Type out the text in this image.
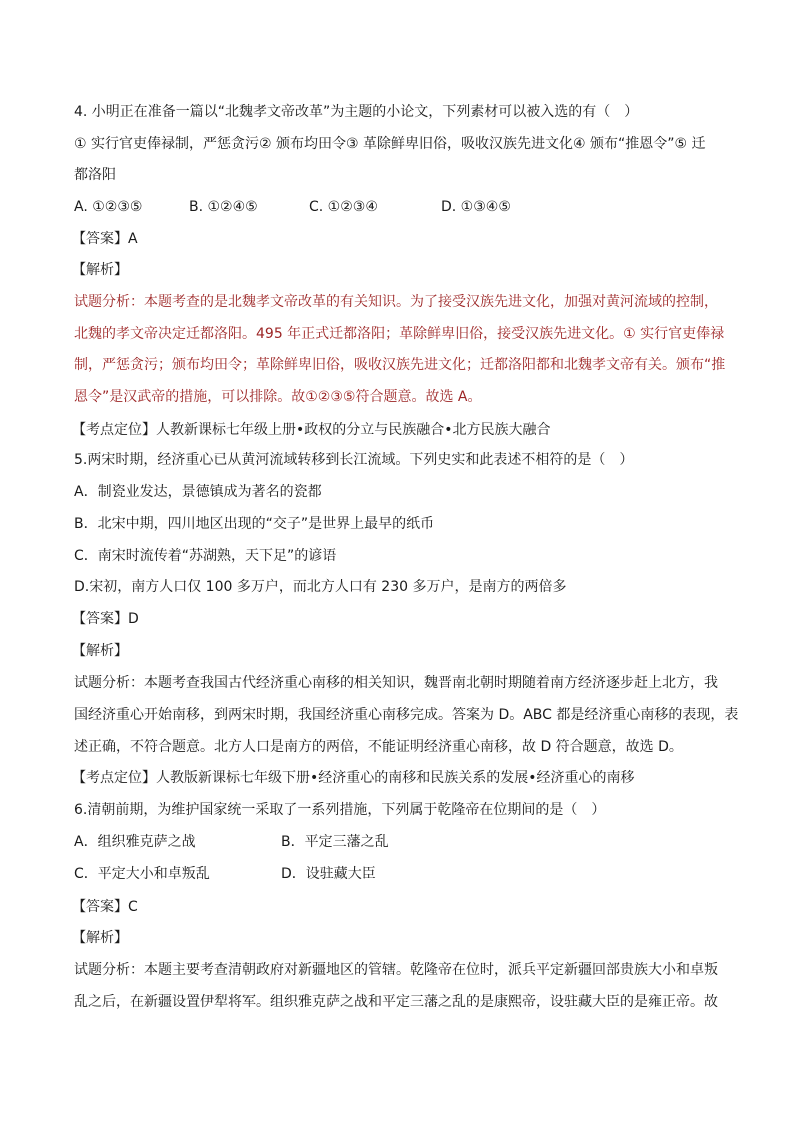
4. 小明正在准备一篇以“北魏孝文帝改革”为主题的小论文，下列素材可以被入选的有（　）
① 实行官吏俸禄制，严惩贪污② 颁布均田令③ 革除鲜卑旧俗，吸收汉族先进文化④ 颁布“推恩令”⑤ 迁
都洛阳
A. ①②③⑤	B. ①②④⑤	C. ①②③④	D. ①③④⑤
【答案】A
【解析】
试题分析：本题考查的是北魏孝文帝改革的有关知识。为了接受汉族先进文化，加强对黄河流域的控制，
北魏的孝文帝决定迁都洛阳。495 年正式迁都洛阳；革除鲜卑旧俗，接受汉族先进文化。① 实行官吏俸禄
制，严惩贪污；颁布均田令；革除鲜卑旧俗，吸收汉族先进文化；迁都洛阳都和北魏孝文帝有关。颁布“推
恩令”是汉武帝的措施，可以排除。故①②③⑤符合题意。故选 A。
【考点定位】人教新课标七年级上册•政权的分立与民族融合•北方民族大融合
5.两宋时期，经济重心已从黄河流域转移到长江流域。下列史实和此表述不相符的是（　）
A．制瓷业发达，景德镇成为著名的瓷都
B．北宋中期，四川地区出现的“交子”是世界上最早的纸币
C．南宋时流传着“苏湖熟，天下足”的谚语
D.宋初，南方人口仅 100 多万户，而北方人口有 230 多万户，是南方的两倍多
【答案】D
【解析】
试题分析：本题考查我国古代经济重心南移的相关知识，魏晋南北朝时期随着南方经济逐步赶上北方，我
国经济重心开始南移，到两宋时期，我国经济重心南移完成。答案为 D。ABC 都是经济重心南移的表现，表
述正确，不符合题意。北方人口是南方的两倍，不能证明经济重心南移，故 D 符合题意，故选 D。
【考点定位】人教版新课标七年级下册•经济重心的南移和民族关系的发展•经济重心的南移
6.清朝前期，为维护国家统一采取了一系列措施，下列属于乾隆帝在位期间的是（　）
A．组织雅克萨之战	B．平定三藩之乱
C．平定大小和卓叛乱	D．设驻藏大臣
【答案】C
【解析】
试题分析：本题主要考查清朝政府对新疆地区的管辖。乾隆帝在位时，派兵平定新疆回部贵族大小和卓叛
乱之后，在新疆设置伊犁将军。组织雅克萨之战和平定三藩之乱的是康熙帝，设驻藏大臣的是雍正帝。故
